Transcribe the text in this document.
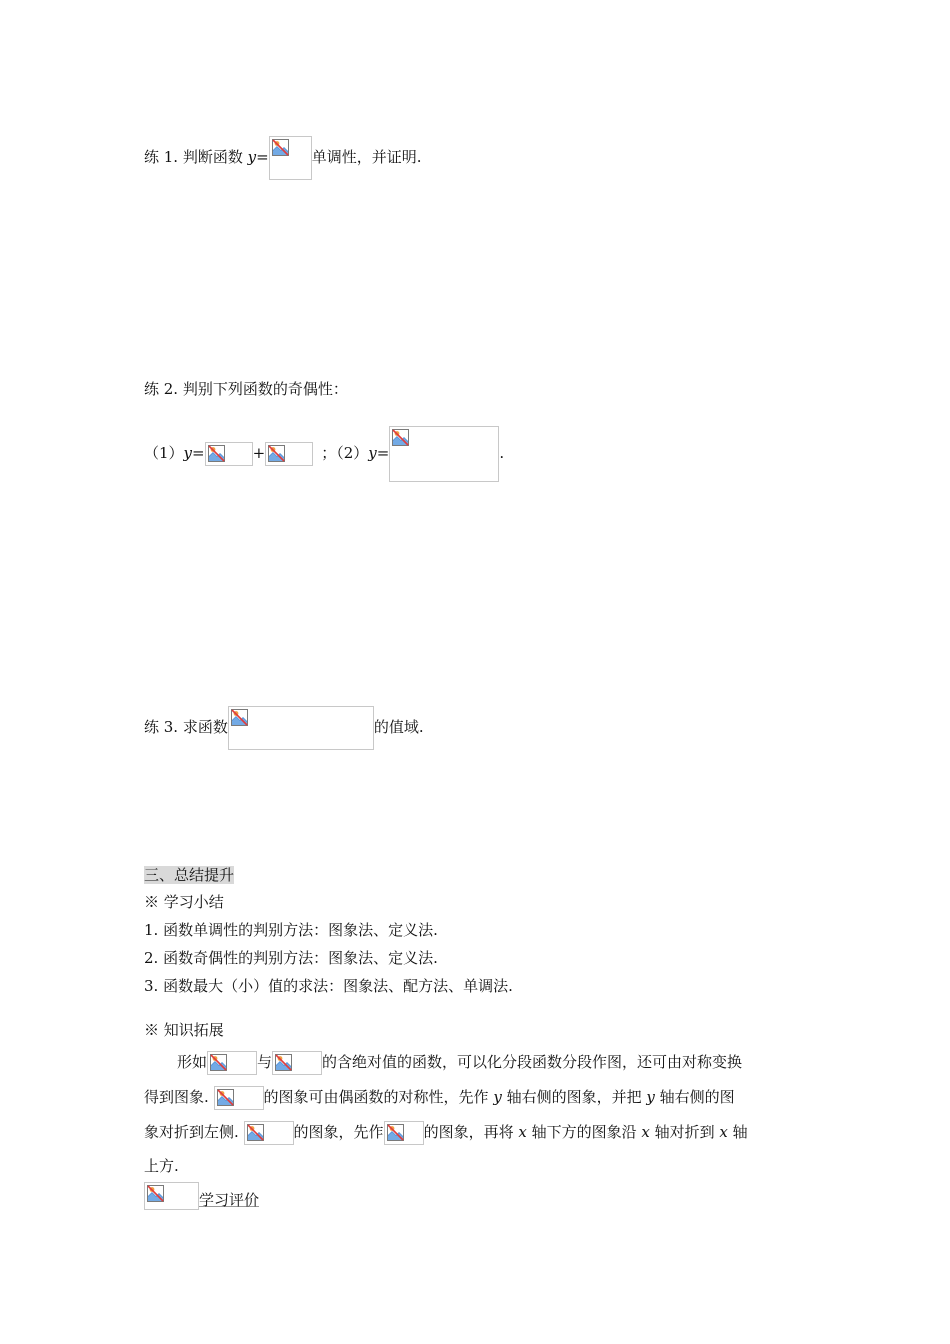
练 1. 判断函数 y=	单调性，并证明.
练 2. 判别下列函数的奇偶性：
（1）y=	+	；（2）y=	.
练 3. 求函数	的值域.
三、总结提升
※ 学习小结
1. 函数单调性的判别方法：图象法、定义法.
2. 函数奇偶性的判别方法：图象法、定义法.
3. 函数最大（小）值的求法：图象法、配方法、单调法.
※ 知识拓展
形如	与	的含绝对值的函数，可以化分段函数分段作图，还可由对称变换
得到图象.	的图象可由偶函数的对称性，先作 y 轴右侧的图象，并把 y 轴右侧的图
象对折到左侧.	的图象，先作	的图象，再将 x 轴下方的图象沿 x 轴对折到 x 轴
上方.
学习评价
